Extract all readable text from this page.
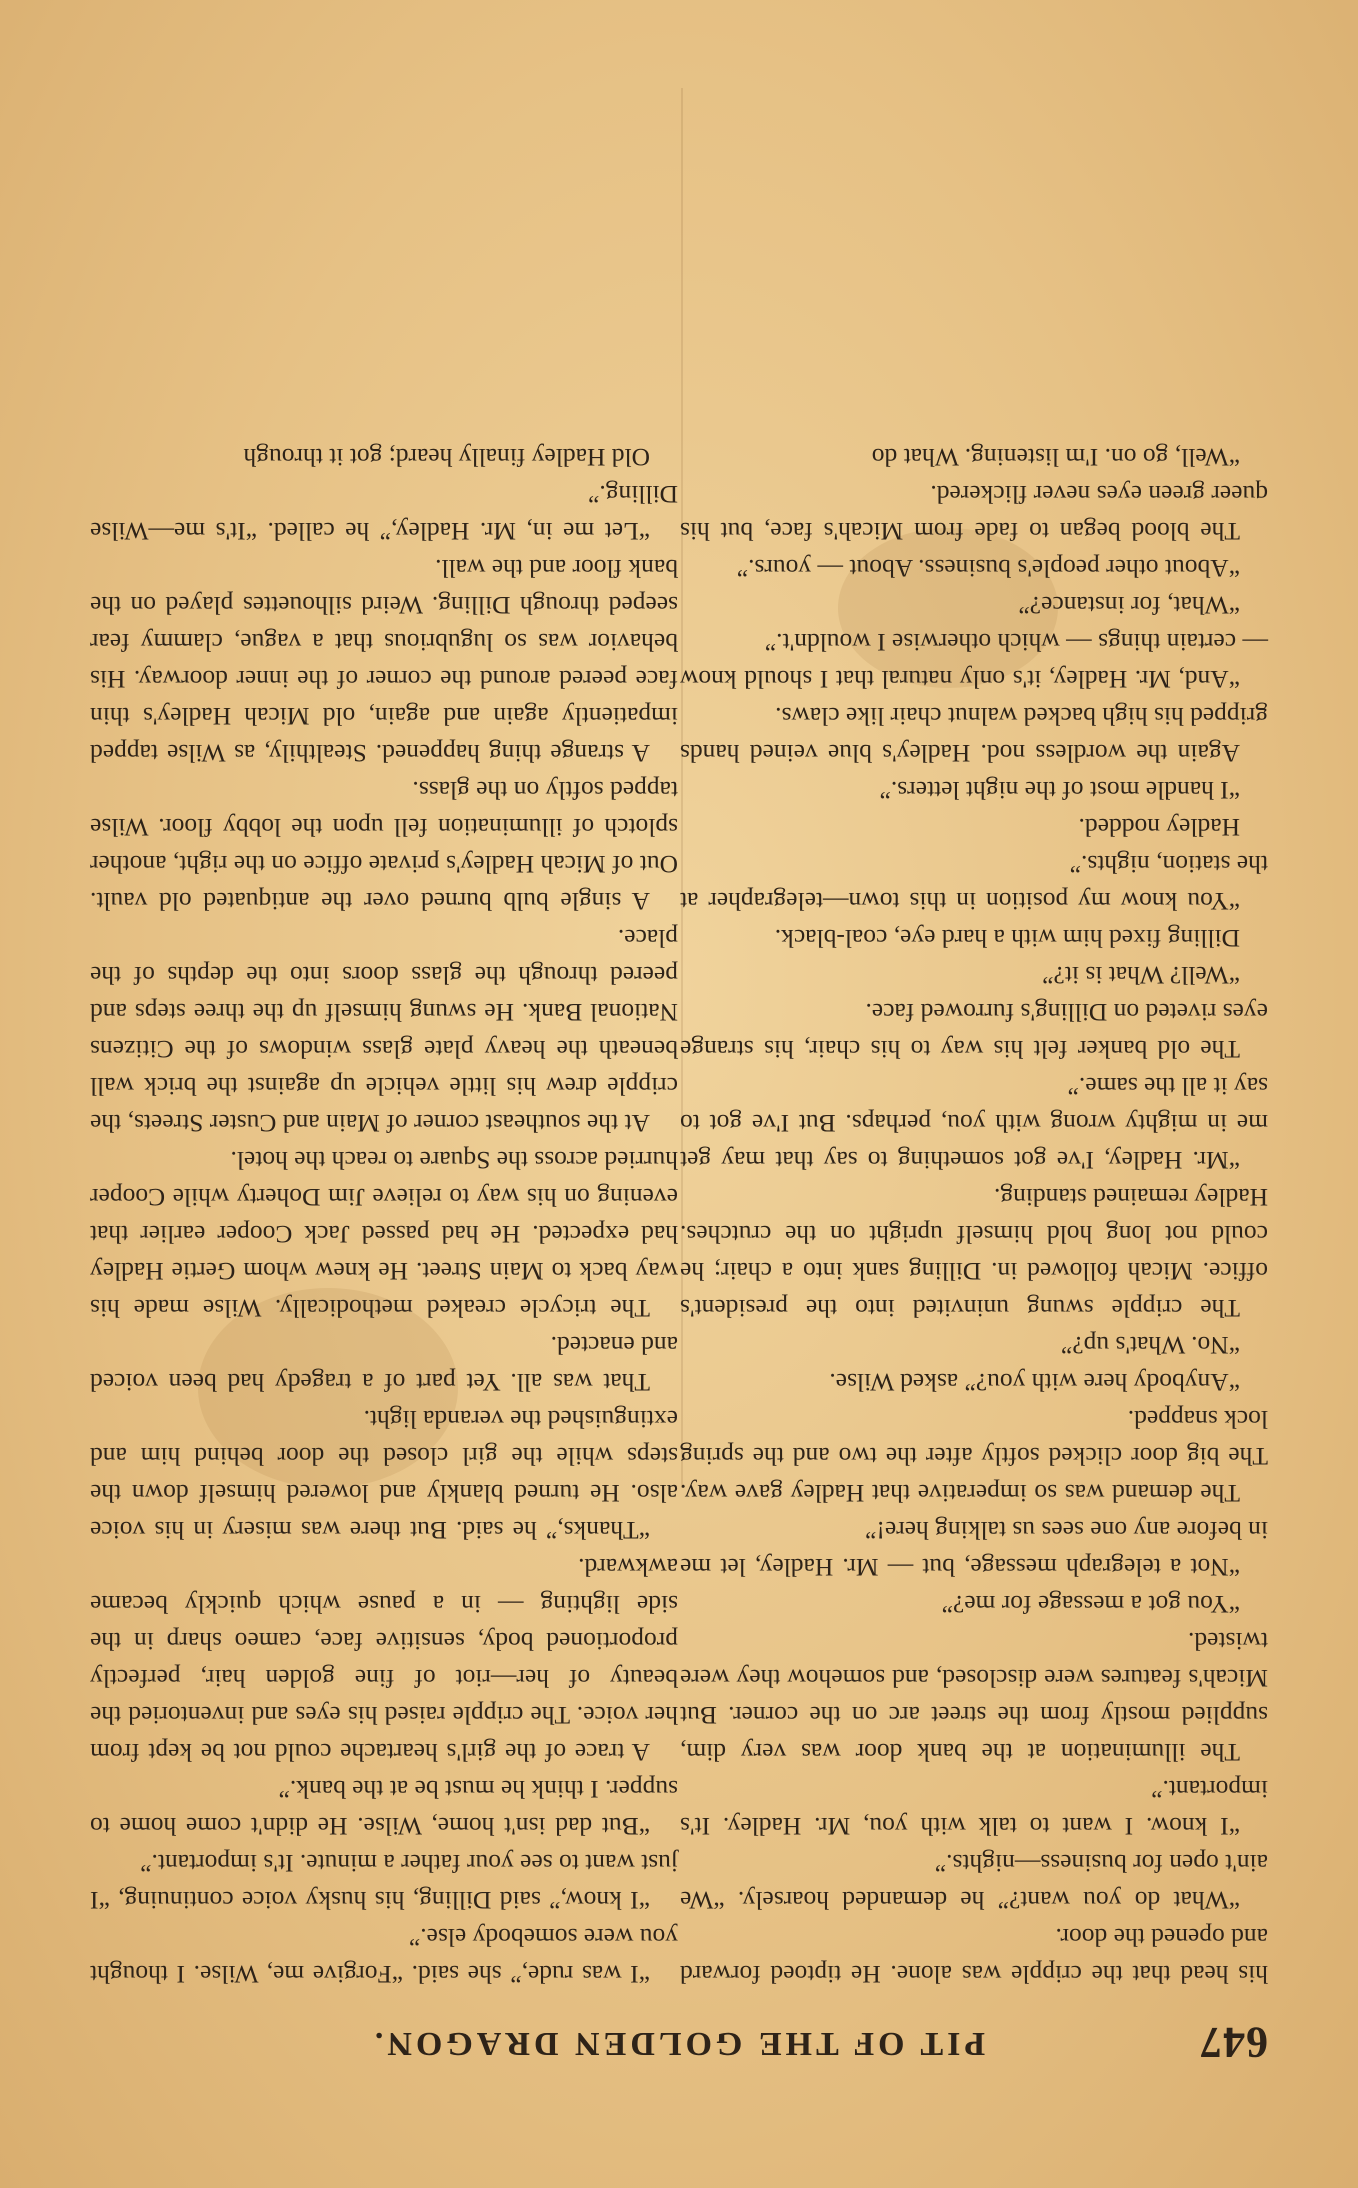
647
PIT OF THE GOLDEN DRAGON.

his head that the cripple was alone. He tiptoed forward and opened the door.

“What do you want?” he demanded hoarsely. “We ain't open for business—nights.”

“I know. I want to talk with you, Mr. Hadley. It's important.”

The illumination at the bank door was very dim, supplied mostly from the street arc on the corner. But Micah's features were disclosed, and somehow they were twisted.

“You got a message for me?”

“Not a telegraph message, but — Mr. Hadley, let me in before any one sees us talking here!”

The demand was so imperative that Hadley gave way. The big door clicked softly after the two and the spring lock snapped.

“Anybody here with you?” asked Wilse.

“No. What's up?”

The cripple swung uninvited into the president's office. Micah followed in. Dilling sank into a chair; he could not long hold himself upright on the crutches. Hadley remained standing.

“Mr. Hadley, I've got something to say that may get me in mighty wrong with you, perhaps. But I've got to say it all the same.”

The old banker felt his way to his chair, his strange eyes riveted on Dilling's furrowed face.

“Well? What is it?”

Dilling fixed him with a hard eye, coal-black.

“You know my position in this town—telegrapher at the station, nights.”

Hadley nodded.

“I handle most of the night letters.”

Again the wordless nod. Hadley's blue veined hands gripped his high backed walnut chair like claws.

“And, Mr. Hadley, it's only natural that I should know — certain things — which otherwise I wouldn't.”

“What, for instance?”

“About other people's business. About — yours.”

The blood began to fade from Micah's face, but his queer green eyes never flickered.

“Well, go on. I'm listening. What do

“I was rude,” she said. “Forgive me, Wilse. I thought you were somebody else.”

“I know,” said Dilling, his husky voice continuing, “I just want to see your father a minute. It's important.”

“But dad isn't home, Wilse. He didn't come home to supper. I think he must be at the bank.”

A trace of the girl's heartache could not be kept from her voice. The cripple raised his eyes and inventoried the beauty of her—riot of fine golden hair, perfectly proportioned body, sensitive face, cameo sharp in the side lighting — in a pause which quickly became awkward.

“Thanks,” he said. But there was misery in his voice also. He turned blankly and lowered himself down the steps while the girl closed the door behind him and extinguished the veranda light.

That was all. Yet part of a tragedy had been voiced and enacted.

The tricycle creaked methodically. Wilse made his way back to Main Street. He knew whom Gertie Hadley had expected. He had passed Jack Cooper earlier that evening on his way to relieve Jim Doherty while Cooper hurried across the Square to reach the hotel.

At the southeast corner of Main and Custer Streets, the cripple drew his little vehicle up against the brick wall beneath the heavy plate glass windows of the Citizens National Bank. He swung himself up the three steps and peered through the glass doors into the depths of the place.

A single bulb burned over the antiquated old vault. Out of Micah Hadley's private office on the right, another splotch of illumination fell upon the lobby floor. Wilse tapped softly on the glass.

A strange thing happened. Stealthily, as Wilse tapped impatiently again and again, old Micah Hadley's thin face peered around the corner of the inner doorway. His behavior was so lugubrious that a vague, clammy fear seeped through Dilling. Weird silhouettes played on the bank floor and the wall.

“Let me in, Mr. Hadley,” he called. “It's me—Wilse Dilling.”

Old Hadley finally heard; got it through
